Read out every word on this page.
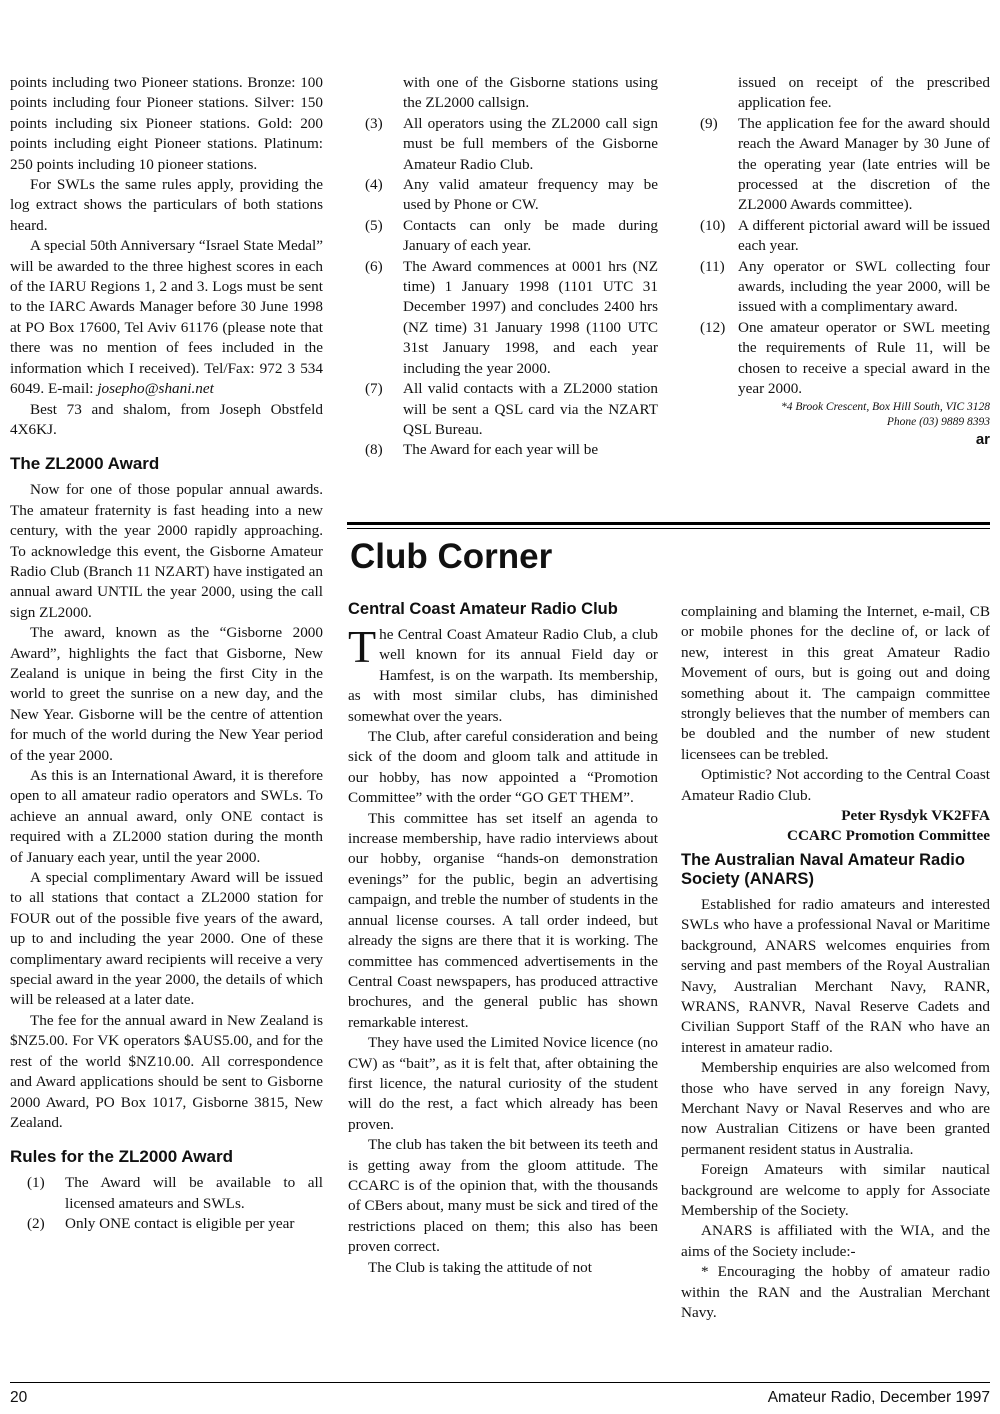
points including two Pioneer stations. Bronze: 100 points including four Pioneer stations. Silver: 150 points including six Pioneer stations. Gold: 200 points including eight Pioneer stations. Platinum: 250 points including 10 pioneer stations.

For SWLs the same rules apply, providing the log extract shows the particulars of both stations heard.

A special 50th Anniversary “Israel State Medal” will be awarded to the three highest scores in each of the IARU Regions 1, 2 and 3. Logs must be sent to the IARC Awards Manager before 30 June 1998 at PO Box 17600, Tel Aviv 61176 (please note that there was no mention of fees included in the information which I received). Tel/Fax: 972 3 534 6049. E-mail: josepho@shani.net

Best 73 and shalom, from Joseph Obstfeld 4X6KJ.

The ZL2000 Award

Now for one of those popular annual awards. The amateur fraternity is fast heading into a new century, with the year 2000 rapidly approaching. To acknowledge this event, the Gisborne Amateur Radio Club (Branch 11 NZART) have instigated an annual award UNTIL the year 2000, using the call sign ZL2000.

The award, known as the “Gisborne 2000 Award”, highlights the fact that Gisborne, New Zealand is unique in being the first City in the world to greet the sunrise on a new day, and the New Year. Gisborne will be the centre of attention for much of the world during the New Year period of the year 2000.

As this is an International Award, it is therefore open to all amateur radio operators and SWLs. To achieve an annual award, only ONE contact is required with a ZL2000 station during the month of January each year, until the year 2000.

A special complimentary Award will be issued to all stations that contact a ZL2000 station for FOUR out of the possible five years of the award, up to and including the year 2000. One of these complimentary award recipients will receive a very special award in the year 2000, the details of which will be released at a later date.

The fee for the annual award in New Zealand is $NZ5.00. For VK operators $AUS5.00, and for the rest of the world $NZ10.00. All correspondence and Award applications should be sent to Gisborne 2000 Award, PO Box 1017, Gisborne 3815, New Zealand.

Rules for the ZL2000 Award
(1) The Award will be available to all licensed amateurs and SWLs.
(2) Only ONE contact is eligible per year
with one of the Gisborne stations using the ZL2000 callsign.
(3) All operators using the ZL2000 call sign must be full members of the Gisborne Amateur Radio Club.
(4) Any valid amateur frequency may be used by Phone or CW.
(5) Contacts can only be made during January of each year.
(6) The Award commences at 0001 hrs (NZ time) 1 January 1998 (1101 UTC 31 December 1997) and concludes 2400 hrs (NZ time) 31 January 1998 (1100 UTC 31st January 1998, and each year including the year 2000.
(7) All valid contacts with a ZL2000 station will be sent a QSL card via the NZART QSL Bureau.
(8) The Award for each year will be
issued on receipt of the prescribed application fee.
(9) The application fee for the award should reach the Award Manager by 30 June of the operating year (late entries will be processed at the discretion of the ZL2000 Awards committee).
(10) A different pictorial award will be issued each year.
(11) Any operator or SWL collecting four awards, including the year 2000, will be issued with a complimentary award.
(12) One amateur operator or SWL meeting the requirements of Rule 11, will be chosen to receive a special award in the year 2000.
*4 Brook Crescent, Box Hill South, VIC 3128
Phone (03) 9889 8393
ar
Club Corner
Central Coast Amateur Radio Club

The Central Coast Amateur Radio Club, a club well known for its annual Field day or Hamfest, is on the warpath. Its membership, as with most similar clubs, has diminished somewhat over the years.

The Club, after careful consideration and being sick of the doom and gloom talk and attitude in our hobby, has now appointed a “Promotion Committee” with the order “GO GET THEM”.

This committee has set itself an agenda to increase membership, have radio interviews about our hobby, organise “hands-on demonstration evenings” for the public, begin an advertising campaign, and treble the number of students in the annual license courses. A tall order indeed, but already the signs are there that it is working. The committee has commenced advertisements in the Central Coast newspapers, has produced attractive brochures, and the general public has shown remarkable interest.

They have used the Limited Novice licence (no CW) as “bait”, as it is felt that, after obtaining the first licence, the natural curiosity of the student will do the rest, a fact which already has been proven.

The club has taken the bit between its teeth and is getting away from the gloom attitude. The CCARC is of the opinion that, with the thousands of CBers about, many must be sick and tired of the restrictions placed on them; this also has been proven correct.

The Club is taking the attitude of not

complaining and blaming the Internet, e-mail, CB or mobile phones for the decline of, or lack of new, interest in this great Amateur Radio Movement of ours, but is going out and doing something about it. The campaign committee strongly believes that the number of members can be doubled and the number of new student licensees can be trebled.

Optimistic? Not according to the Central Coast Amateur Radio Club.

Peter Rysdyk VK2FFA
CCARC Promotion Committee
The Australian Naval Amateur Radio Society (ANARS)

Established for radio amateurs and interested SWLs who have a professional Naval or Maritime background, ANARS welcomes enquiries from serving and past members of the Royal Australian Navy, Australian Merchant Navy, RANR, WRANS, RANVR, Naval Reserve Cadets and Civilian Support Staff of the RAN who have an interest in amateur radio.

Membership enquiries are also welcomed from those who have served in any foreign Navy, Merchant Navy or Naval Reserves and who are now Australian Citizens or have been granted permanent resident status in Australia.

Foreign Amateurs with similar nautical background are welcome to apply for Associate Membership of the Society.

ANARS is affiliated with the WIA, and the aims of the Society include:-

* Encouraging the hobby of amateur radio within the RAN and the Australian Merchant Navy.

20	Amateur Radio, December 1997
